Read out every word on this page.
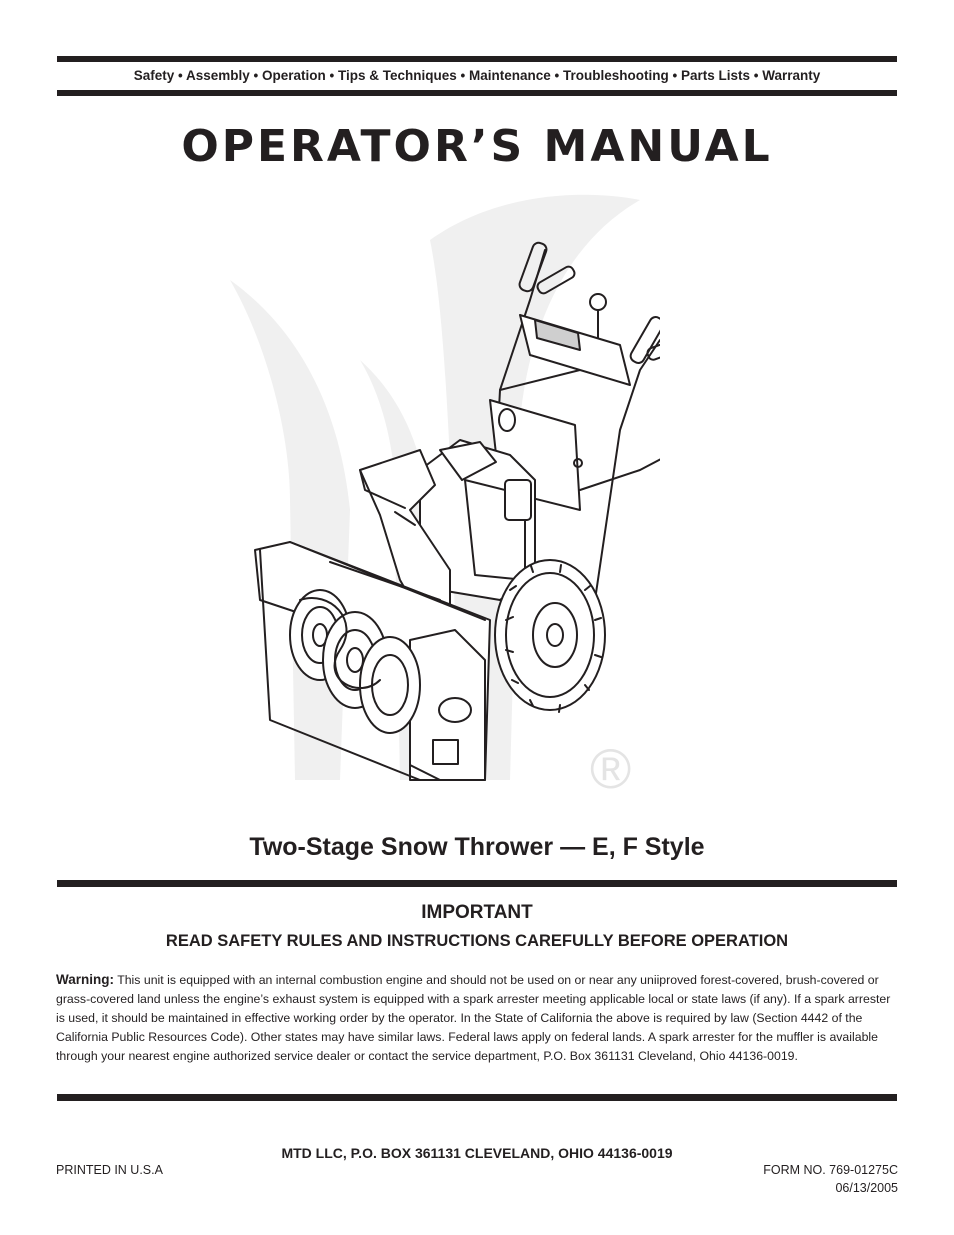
Safety • Assembly • Operation • Tips & Techniques • Maintenance • Troubleshooting • Parts Lists • Warranty
OPERATOR’S MANUAL
®
Two-Stage Snow Thrower — E, F Style
IMPORTANT
READ SAFETY RULES AND INSTRUCTIONS CAREFULLY BEFORE OPERATION
Warning: This unit is equipped with an internal combustion engine and should not be used on or near any uniiproved forest-covered, brush-covered or grass-covered land unless the engine’s exhaust system is equipped with a spark arrester meeting applicable local or state laws (if any). If a spark arrester is used, it should be maintained in effective working order by the operator. In the State of California the above is required by law (Section 4442 of the California Public Resources Code). Other states may have similar laws. Federal laws apply on federal lands. A spark arrester for the muffler is available through your nearest engine authorized service dealer or contact the service department, P.O. Box 361131 Cleveland, Ohio 44136-0019.
MTD LLC, P.O. BOX 361131 CLEVELAND, OHIO 44136-0019
PRINTED IN U.S.A	FORM NO. 769-01275C
06/13/2005
